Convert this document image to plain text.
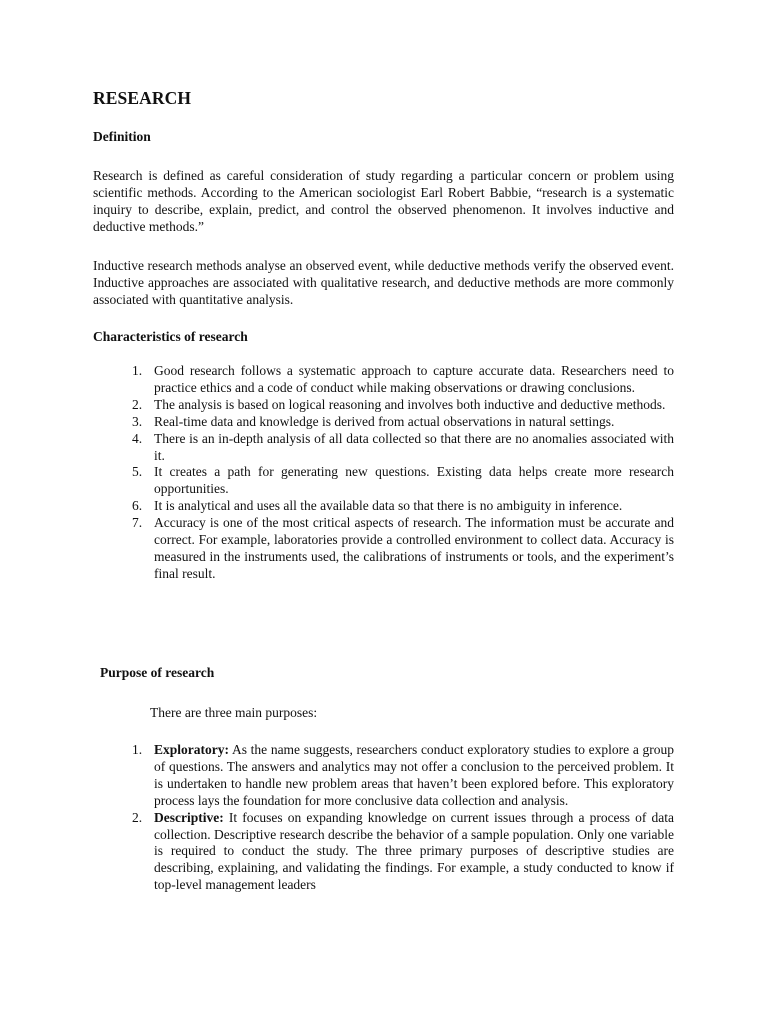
RESEARCH
Definition

Research is defined as careful consideration of study regarding a particular concern or problem using scientific methods. According to the American sociologist Earl Robert Babbie, “research is a systematic inquiry to describe, explain, predict, and control the observed phenomenon. It involves inductive and deductive methods.”

Inductive research methods analyse an observed event, while deductive methods verify the observed event. Inductive approaches are associated with qualitative research, and deductive methods are more commonly associated with quantitative analysis.

Characteristics of research
1. Good research follows a systematic approach to capture accurate data. Researchers need to practice ethics and a code of conduct while making observations or drawing conclusions.
2. The analysis is based on logical reasoning and involves both inductive and deductive methods.
3. Real-time data and knowledge is derived from actual observations in natural settings.
4. There is an in-depth analysis of all data collected so that there are no anomalies associated with it.
5. It creates a path for generating new questions. Existing data helps create more research opportunities.
6. It is analytical and uses all the available data so that there is no ambiguity in inference.
7. Accuracy is one of the most critical aspects of research. The information must be accurate and correct. For example, laboratories provide a controlled environment to collect data. Accuracy is measured in the instruments used, the calibrations of instruments or tools, and the experiment’s final result.
Purpose of research

There are three main purposes:

1. Exploratory: As the name suggests, researchers conduct exploratory studies to explore a group of questions. The answers and analytics may not offer a conclusion to the perceived problem. It is undertaken to handle new problem areas that haven’t been explored before. This exploratory process lays the foundation for more conclusive data collection and analysis.
2. Descriptive: It focuses on expanding knowledge on current issues through a process of data collection. Descriptive research describe the behavior of a sample population. Only one variable is required to conduct the study. The three primary purposes of descriptive studies are describing, explaining, and validating the findings. For example, a study conducted to know if top-level management leaders
